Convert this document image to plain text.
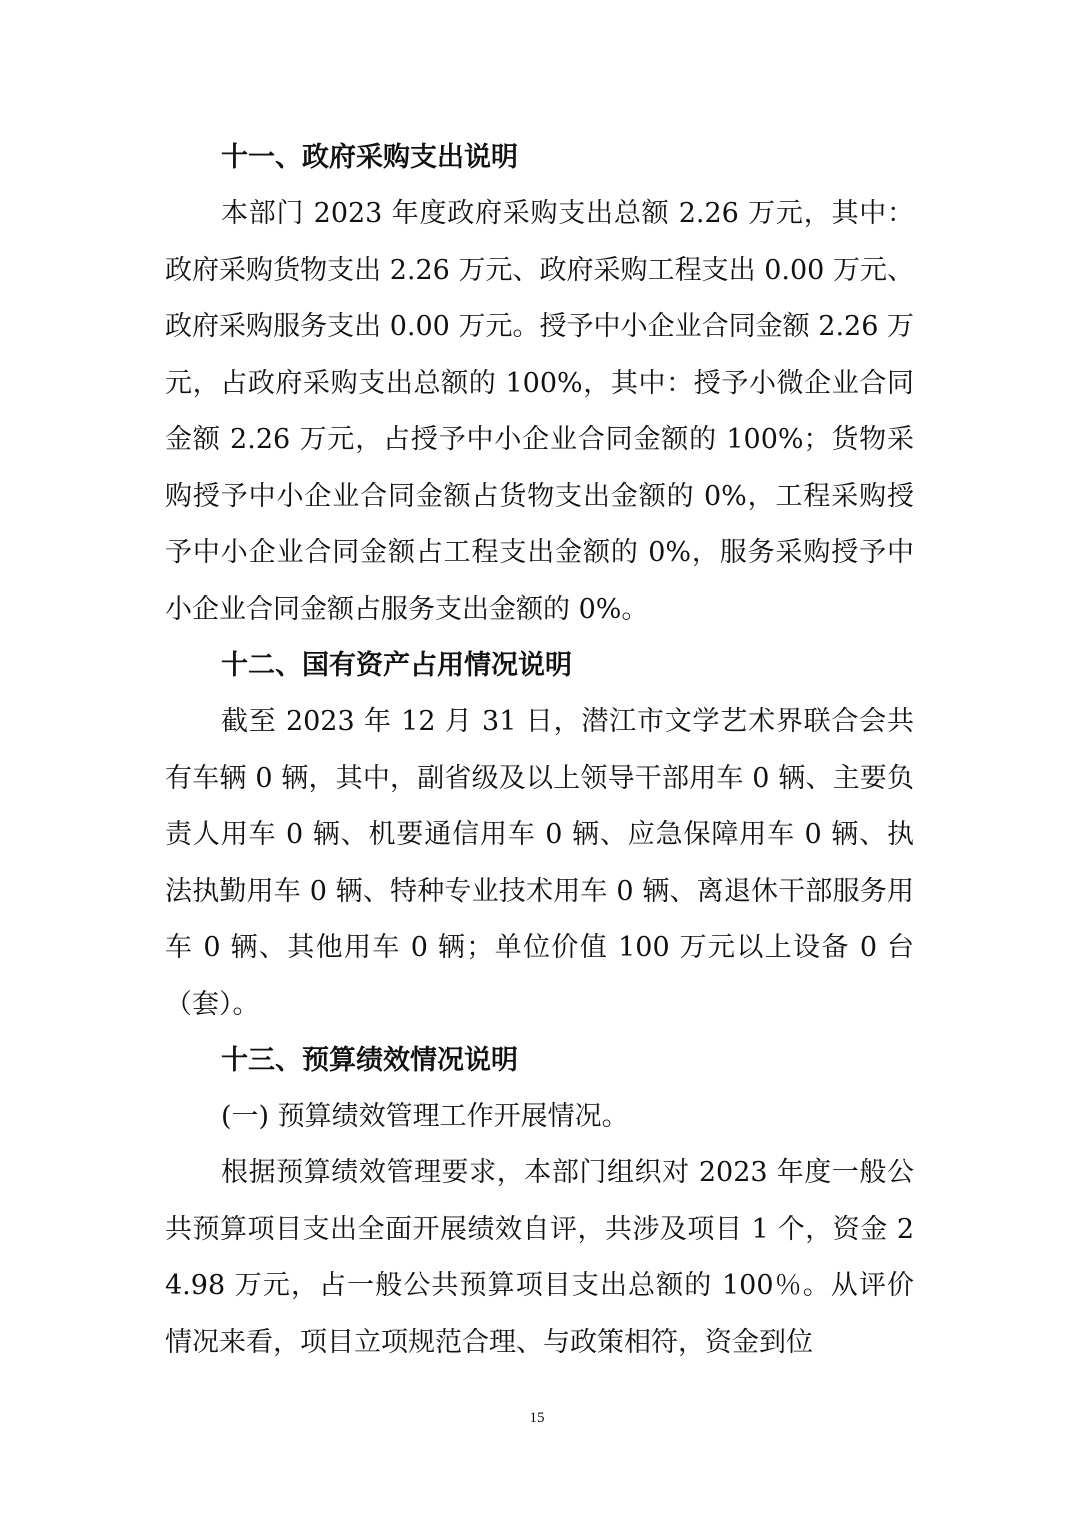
十一、政府采购支出说明

本部门 2023 年度政府采购支出总额 2.26 万元，其中：政府采购货物支出 2.26 万元、政府采购工程支出 0.00 万元、政府采购服务支出 0.00 万元。授予中小企业合同金额 2.26 万元，占政府采购支出总额的 100%，其中：授予小微企业合同金额 2.26 万元，占授予中小企业合同金额的 100%；货物采购授予中小企业合同金额占货物支出金额的 0%，工程采购授予中小企业合同金额占工程支出金额的 0%，服务采购授予中小企业合同金额占服务支出金额的 0%。

十二、国有资产占用情况说明

截至 2023 年 12 月 31 日，潜江市文学艺术界联合会共有车辆 0 辆，其中，副省级及以上领导干部用车 0 辆、主要负责人用车 0 辆、机要通信用车 0 辆、应急保障用车 0 辆、执法执勤用车 0 辆、特种专业技术用车 0 辆、离退休干部服务用车 0 辆、其他用车 0 辆；单位价值 100 万元以上设备 0 台（套）。

十三、预算绩效情况说明

(一) 预算绩效管理工作开展情况。

根据预算绩效管理要求，本部门组织对 2023 年度一般公共预算项目支出全面开展绩效自评，共涉及项目 1 个，资金 24.98 万元，占一般公共预算项目支出总额的 100％。从评价情况来看，项目立项规范合理、与政策相符，资金到位

15
